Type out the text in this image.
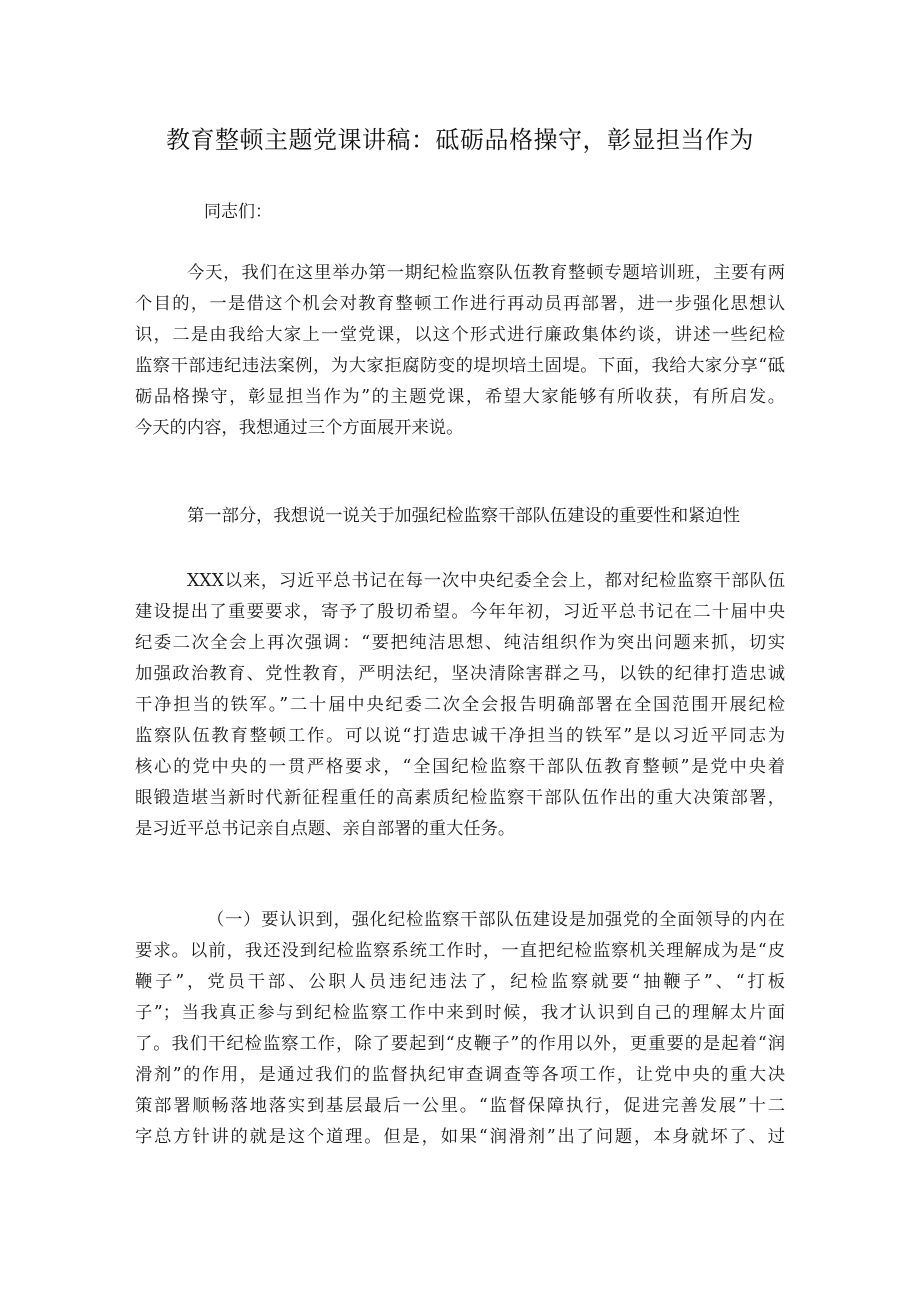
教育整顿主题党课讲稿：砥砺品格操守，彰显担当作为
同志们：
今天，我们在这里举办第一期纪检监察队伍教育整顿专题培训班，主要有两
个目的，一是借这个机会对教育整顿工作进行再动员再部署，进一步强化思想认
识，二是由我给大家上一堂党课，以这个形式进行廉政集体约谈，讲述一些纪检
监察干部违纪违法案例，为大家拒腐防变的堤坝培土固堤。下面，我给大家分享“砥
砺品格操守，彰显担当作为”的主题党课，希望大家能够有所收获，有所启发。
今天的内容，我想通过三个方面展开来说。
第一部分，我想说一说关于加强纪检监察干部队伍建设的重要性和紧迫性
XXX以来，习近平总书记在每一次中央纪委全会上，都对纪检监察干部队伍
建设提出了重要要求，寄予了殷切希望。今年年初，习近平总书记在二十届中央
纪委二次全会上再次强调：“要把纯洁思想、纯洁组织作为突出问题来抓，切实
加强政治教育、党性教育，严明法纪，坚决清除害群之马，以铁的纪律打造忠诚
干净担当的铁军。”二十届中央纪委二次全会报告明确部署在全国范围开展纪检
监察队伍教育整顿工作。可以说“打造忠诚干净担当的铁军”是以习近平同志为
核心的党中央的一贯严格要求，“全国纪检监察干部队伍教育整顿”是党中央着
眼锻造堪当新时代新征程重任的高素质纪检监察干部队伍作出的重大决策部署，
是习近平总书记亲自点题、亲自部署的重大任务。
（一）要认识到，强化纪检监察干部队伍建设是加强党的全面领导的内在
要求。以前，我还没到纪检监察系统工作时，一直把纪检监察机关理解成为是“皮
鞭子”，党员干部、公职人员违纪违法了，纪检监察就要“抽鞭子”、“打板
子”；当我真正参与到纪检监察工作中来到时候，我才认识到自己的理解太片面
了。我们干纪检监察工作，除了要起到“皮鞭子”的作用以外，更重要的是起着“润
滑剂”的作用，是通过我们的监督执纪审查调查等各项工作，让党中央的重大决
策部署顺畅落地落实到基层最后一公里。“监督保障执行，促进完善发展”十二
字总方针讲的就是这个道理。但是，如果“润滑剂”出了问题，本身就坏了、过
